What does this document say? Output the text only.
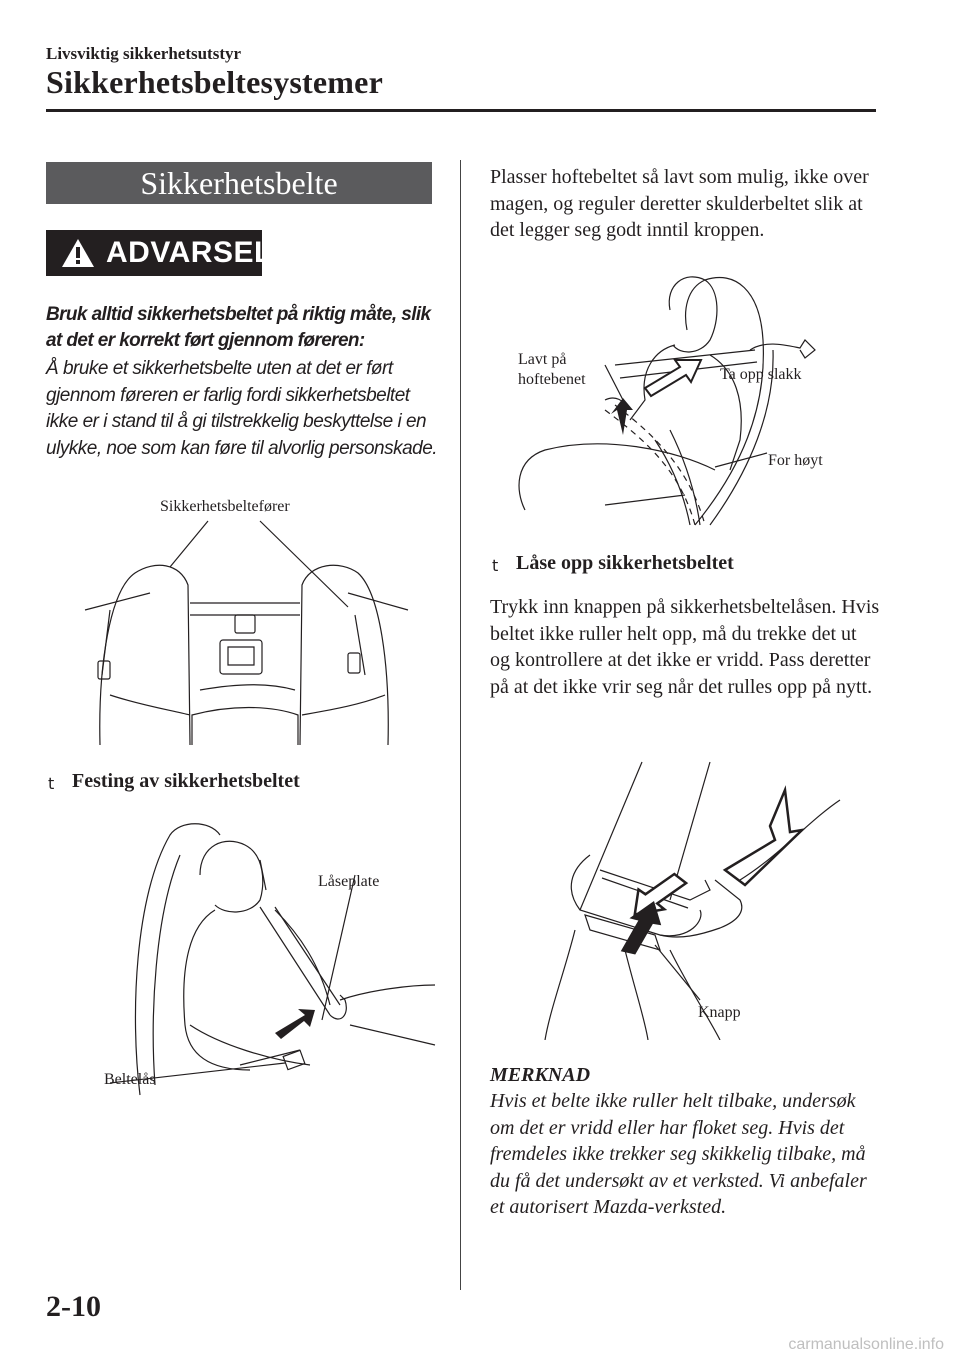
Livsviktig sikkerhetsutstyr
Sikkerhetsbeltesystemer
Sikkerhetsbelte
ADVARSEL
Bruk alltid sikkerhetsbeltet på riktig måte, slik at det er korrekt ført gjennom føreren:
Å bruke et sikkerhetsbelte uten at det er ført gjennom føreren er farlig fordi sikkerhetsbeltet ikke er i stand til å gi tilstrekkelig beskyttelse i en ulykke, noe som kan føre til alvorlig personskade.
Sikkerhetsbeltefører
t Festing av sikkerhetsbeltet
Låseplate
Beltelås
Plasser hoftebeltet så lavt som mulig, ikke over magen, og reguler deretter skulderbeltet slik at det legger seg godt inntil kroppen.
Lavt på hoftebenet	Ta opp slakk
For høyt
t Låse opp sikkerhetsbeltet
Trykk inn knappen på sikkerhetsbeltelåsen. Hvis beltet ikke ruller helt opp, må du trekke det ut og kontrollere at det ikke er vridd. Pass deretter på at det ikke vrir seg når det rulles opp på nytt.
Knapp
MERKNAD
Hvis et belte ikke ruller helt tilbake, undersøk om det er vridd eller har floket seg. Hvis det fremdeles ikke trekker seg skikkelig tilbake, må du få det undersøkt av et verksted. Vi anbefaler et autorisert Mazda-verksted.
2-10
carmanualsonline.info
